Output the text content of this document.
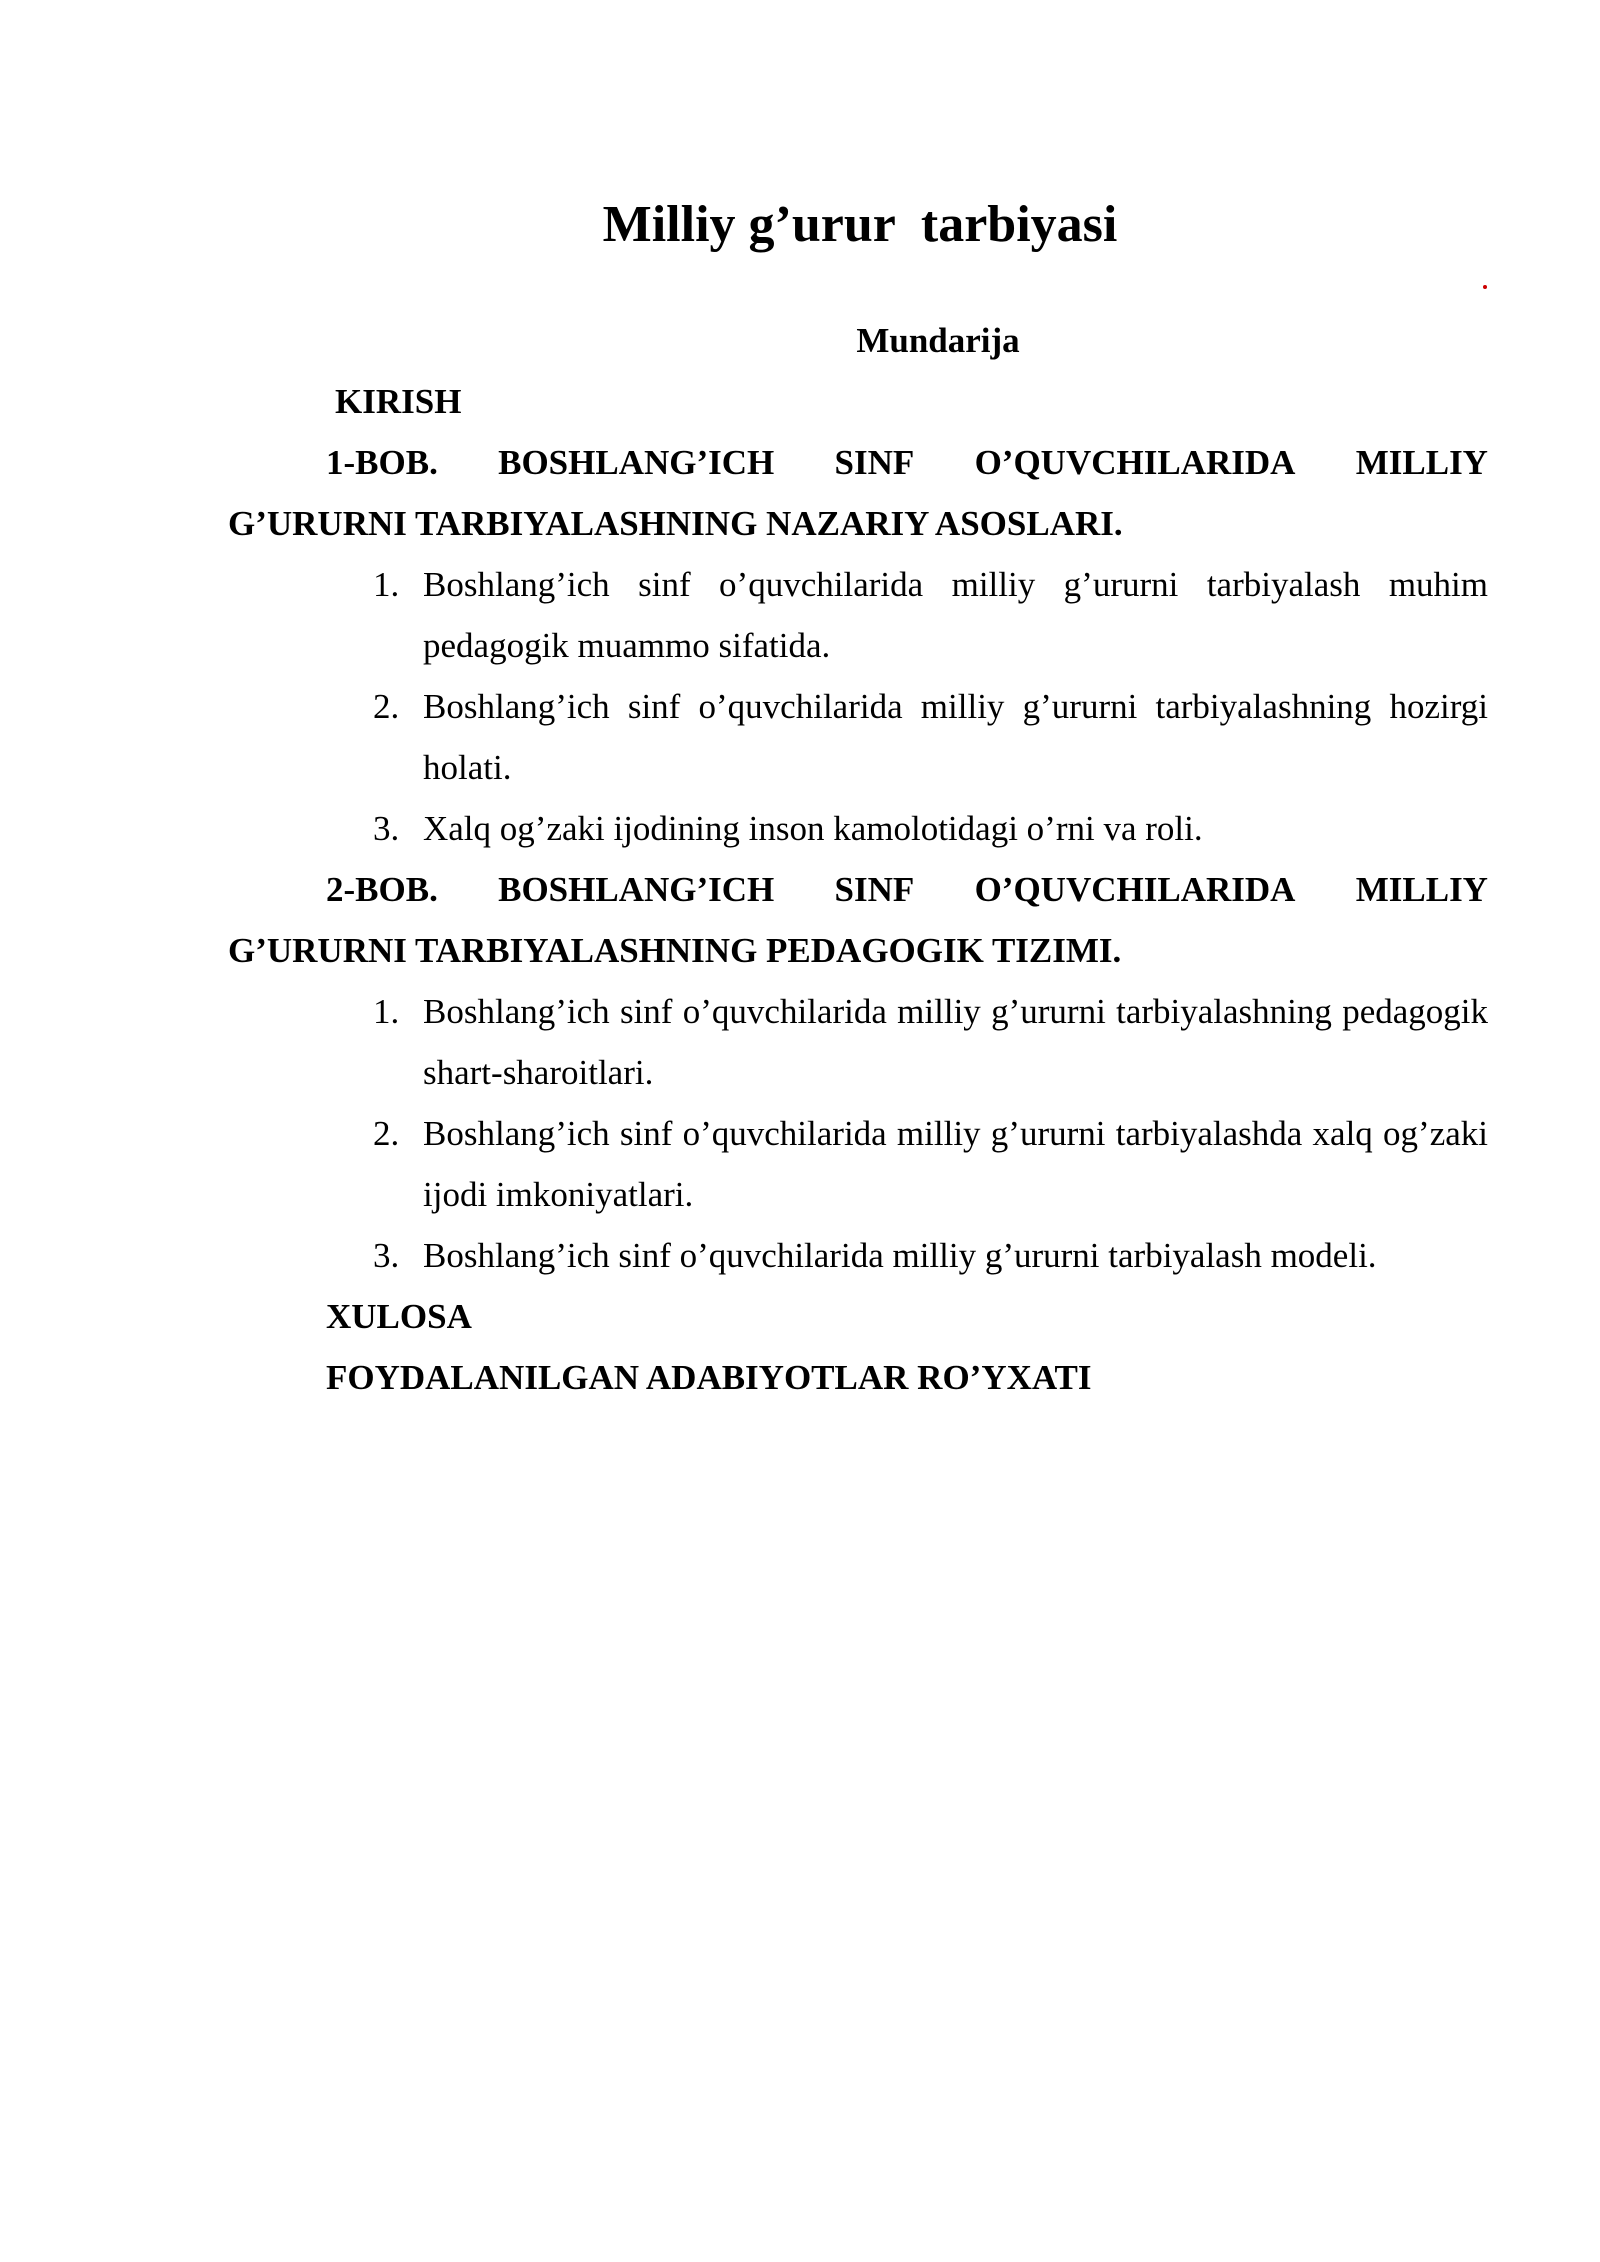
Milliy g’urur  tarbiyasi

Mundarija

KIRISH

1-BOB. BOSHLANG’ICH SINF O’QUVCHILARIDA MILLIY

G’URURNI TARBIYALASHNING NAZARIY ASOSLARI.

1. Boshlang’ich sinf o’quvchilarida milliy g’ururni tarbiyalash muhim pedagogik muammo sifatida.
2. Boshlang’ich sinf o’quvchilarida milliy g’ururni tarbiyalashning hozirgi holati.
3. Xalq og’zaki ijodining inson kamolotidagi o’rni va roli.
2-BOB. BOSHLANG’ICH SINF O’QUVCHILARIDA MILLIY

G’URURNI TARBIYALASHNING PEDAGOGIK TIZIMI.

1. Boshlang’ich sinf o’quvchilarida milliy g’ururni tarbiyalashning pedagogik shart-sharoitlari.
2. Boshlang’ich sinf o’quvchilarida milliy g’ururni tarbiyalashda xalq og’zaki ijodi imkoniyatlari.
3. Boshlang’ich sinf o’quvchilarida milliy g’ururni tarbiyalash modeli.

XULOSA

FOYDALANILGAN ADABIYOTLAR RO’YXATI
